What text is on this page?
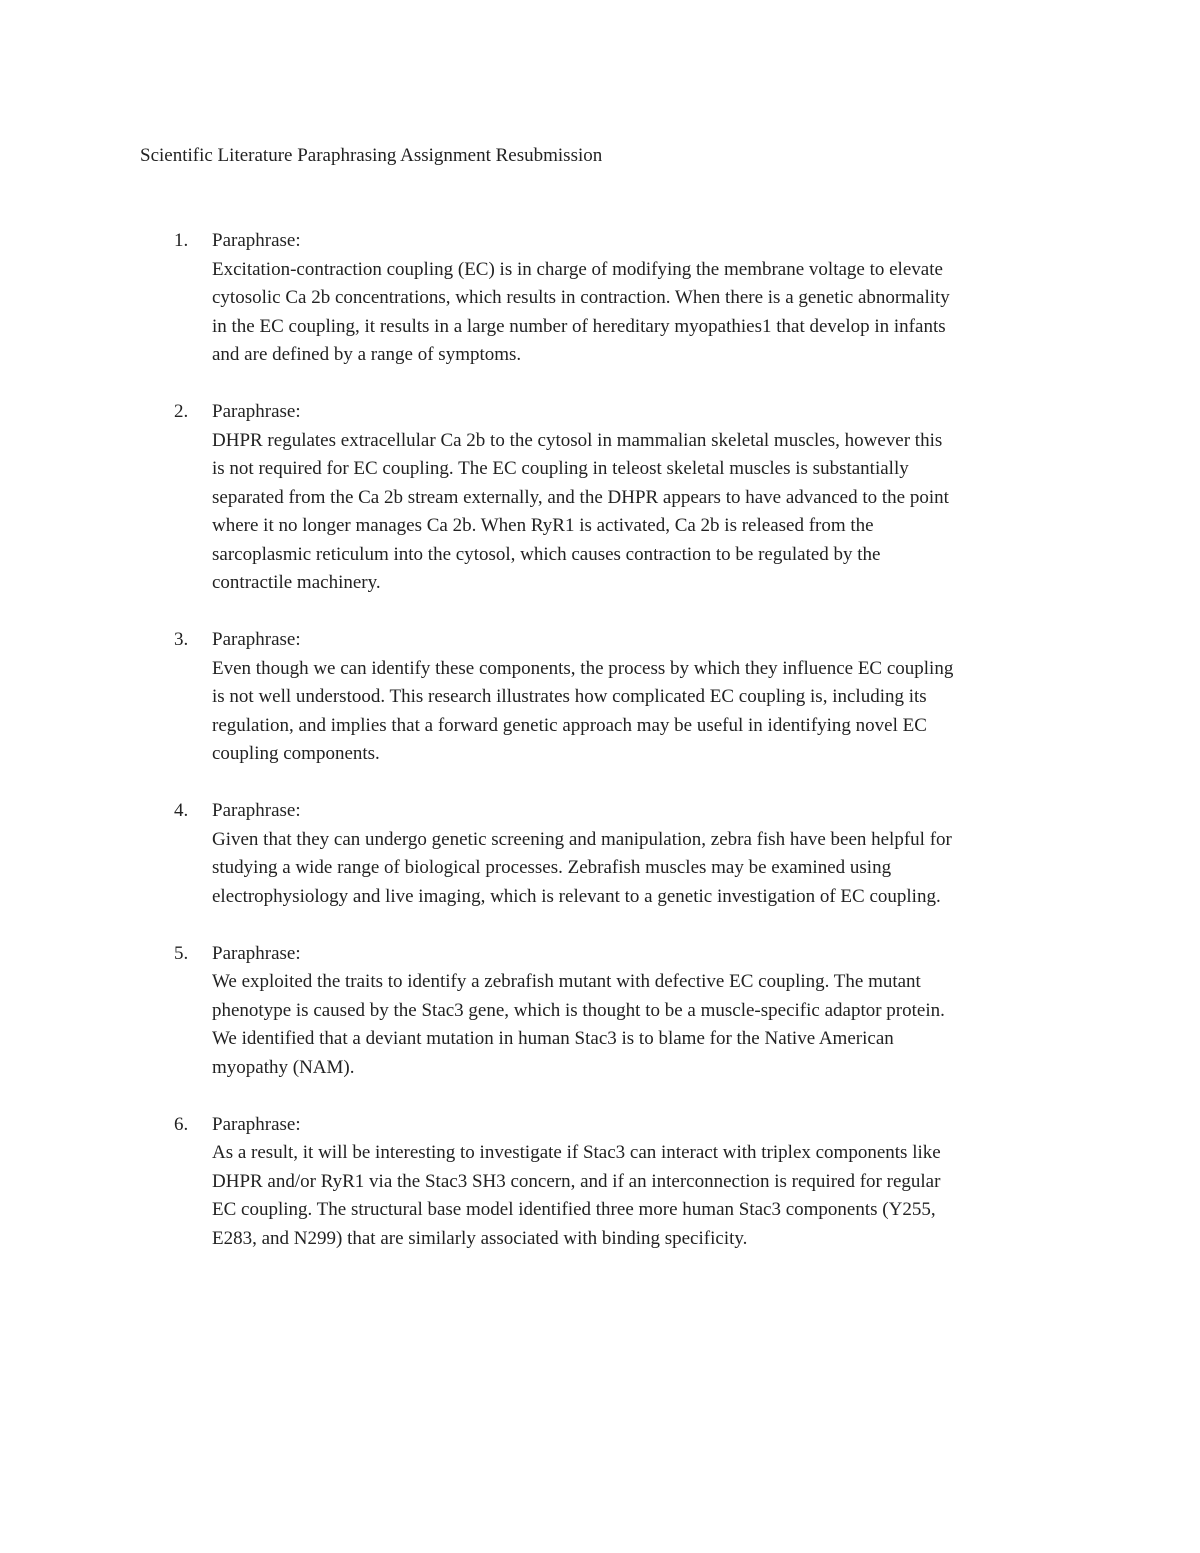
Scientific Literature Paraphrasing Assignment Resubmission
1. Paraphrase:
Excitation-contraction coupling (EC) is in charge of modifying the membrane voltage to elevate
cytosolic Ca 2b concentrations, which results in contraction. When there is a genetic abnormality
in the EC coupling, it results in a large number of hereditary myopathies1 that develop in infants
and are defined by a range of symptoms.
2. Paraphrase:
DHPR regulates extracellular Ca 2b to the cytosol in mammalian skeletal muscles, however this
is not required for EC coupling. The EC coupling in teleost skeletal muscles is substantially
separated from the Ca 2b stream externally, and the DHPR appears to have advanced to the point
where it no longer manages Ca 2b. When RyR1 is activated, Ca 2b is released from the
sarcoplasmic reticulum into the cytosol, which causes contraction to be regulated by the
contractile machinery.
3. Paraphrase:
Even though we can identify these components, the process by which they influence EC coupling
is not well understood. This research illustrates how complicated EC coupling is, including its
regulation, and implies that a forward genetic approach may be useful in identifying novel EC
coupling components.
4. Paraphrase:
Given that they can undergo genetic screening and manipulation, zebra fish have been helpful for
studying a wide range of biological processes. Zebrafish muscles may be examined using
electrophysiology and live imaging, which is relevant to a genetic investigation of EC coupling.
5. Paraphrase:
We exploited the traits to identify a zebrafish mutant with defective EC coupling. The mutant
phenotype is caused by the Stac3 gene, which is thought to be a muscle-specific adaptor protein.
We identified that a deviant mutation in human Stac3 is to blame for the Native American
myopathy (NAM).
6. Paraphrase:
As a result, it will be interesting to investigate if Stac3 can interact with triplex components like
DHPR and/or RyR1 via the Stac3 SH3 concern, and if an interconnection is required for regular
EC coupling. The structural base model identified three more human Stac3 components (Y255,
E283, and N299) that are similarly associated with binding specificity.
